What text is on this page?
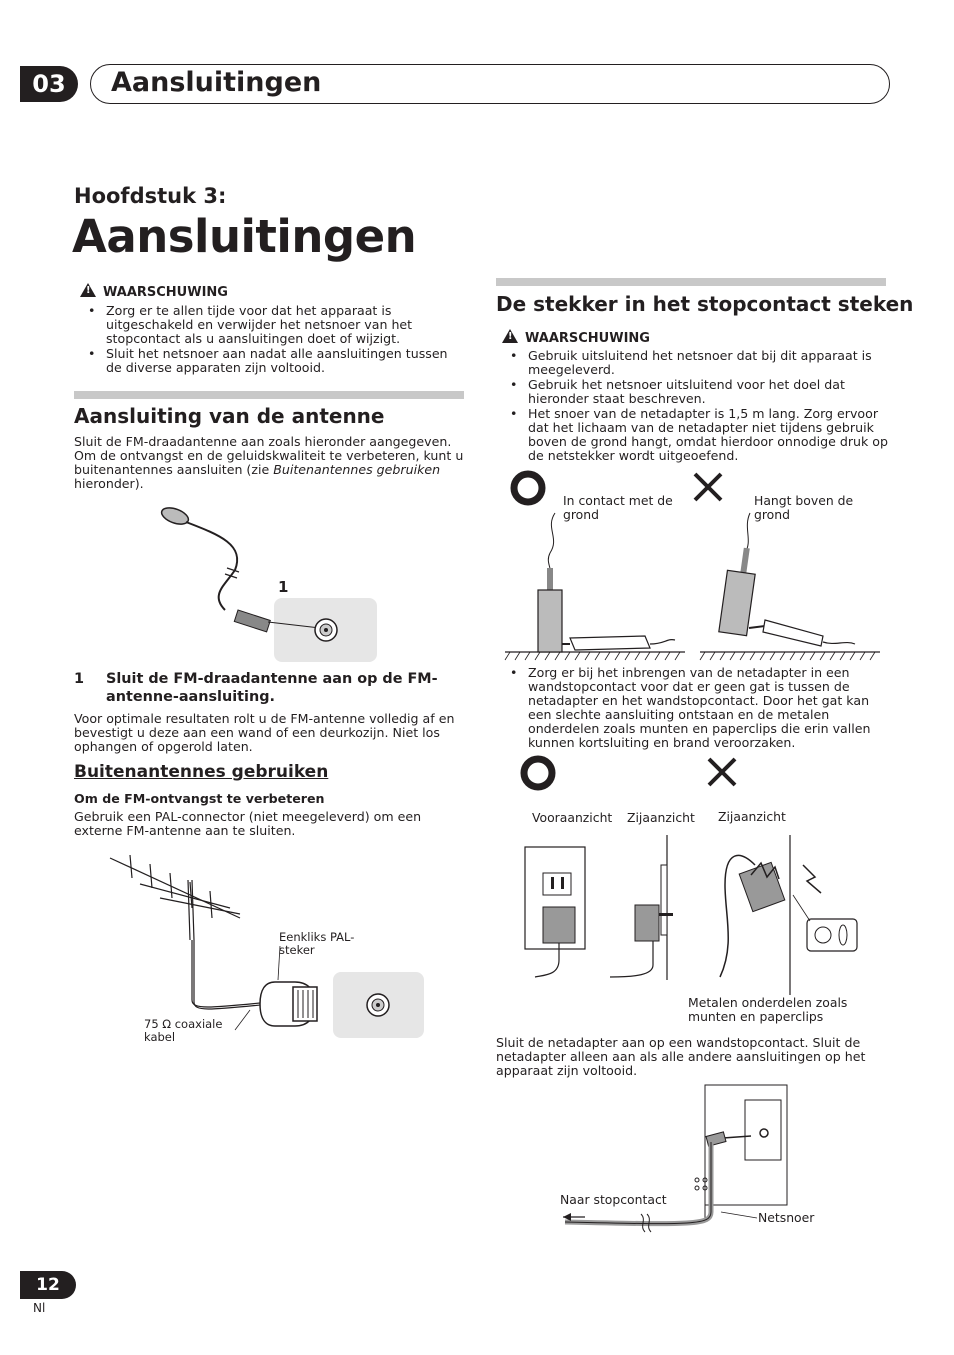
03	Aansluitingen
Hoofdstuk 3:
Aansluitingen
!WAARSCHUWING
• Zorg er te allen tijde voor dat het apparaat is uitgeschakeld en verwijder het netsnoer van het stopcontact als u aansluitingen doet of wijzigt.
• Sluit het netsnoer aan nadat alle aansluitingen tussen de diverse apparaten zijn voltooid.
Aansluiting van de antenne
Sluit de FM-draadantenne aan zoals hieronder aangegeven. Om de ontvangst en de geluidskwaliteit te verbeteren, kunt u buitenantennes aansluiten (zie Buitenantennes gebruiken hieronder).
1
1 Sluit de FM-draadantenne aan op de FM-antenne-aansluiting.
Voor optimale resultaten rolt u de FM-antenne volledig af en bevestigt u deze aan een wand of een deurkozijn. Niet los ophangen of opgerold laten.
Buitenantennes gebruiken
Om de FM-ontvangst te verbeteren
Gebruik een PAL-connector (niet meegeleverd) om een externe FM-antenne aan te sluiten.
Eenkliks PAL-steker
75 Ω coaxiale kabel
De stekker in het stopcontact steken
!WAARSCHUWING
• Gebruik uitsluitend het netsnoer dat bij dit apparaat is meegeleverd.
• Gebruik het netsnoer uitsluitend voor het doel dat hieronder staat beschreven.
• Het snoer van de netadapter is 1,5 m lang. Zorg ervoor dat het lichaam van de netadapter niet tijdens gebruik boven de grond hangt, omdat hierdoor onnodige druk op de netstekker wordt uitgeoefend.
In contact met de grond
Hangt boven de grond
• Zorg er bij het inbrengen van de netadapter in een wandstopcontact voor dat er geen gat is tussen de netadapter en het wandstopcontact. Door het gat kan een slechte aansluiting ontstaan en de metalen onderdelen zoals munten en paperclips die erin vallen kunnen kortsluiting en brand veroorzaken.
Vooraanzicht Zijaanzicht Zijaanzicht
Metalen onderdelen zoals munten en paperclips
Sluit de netadapter aan op een wandstopcontact. Sluit de netadapter alleen aan als alle andere aansluitingen op het apparaat zijn voltooid.
Naar stopcontact
Netsnoer
12
Nl
